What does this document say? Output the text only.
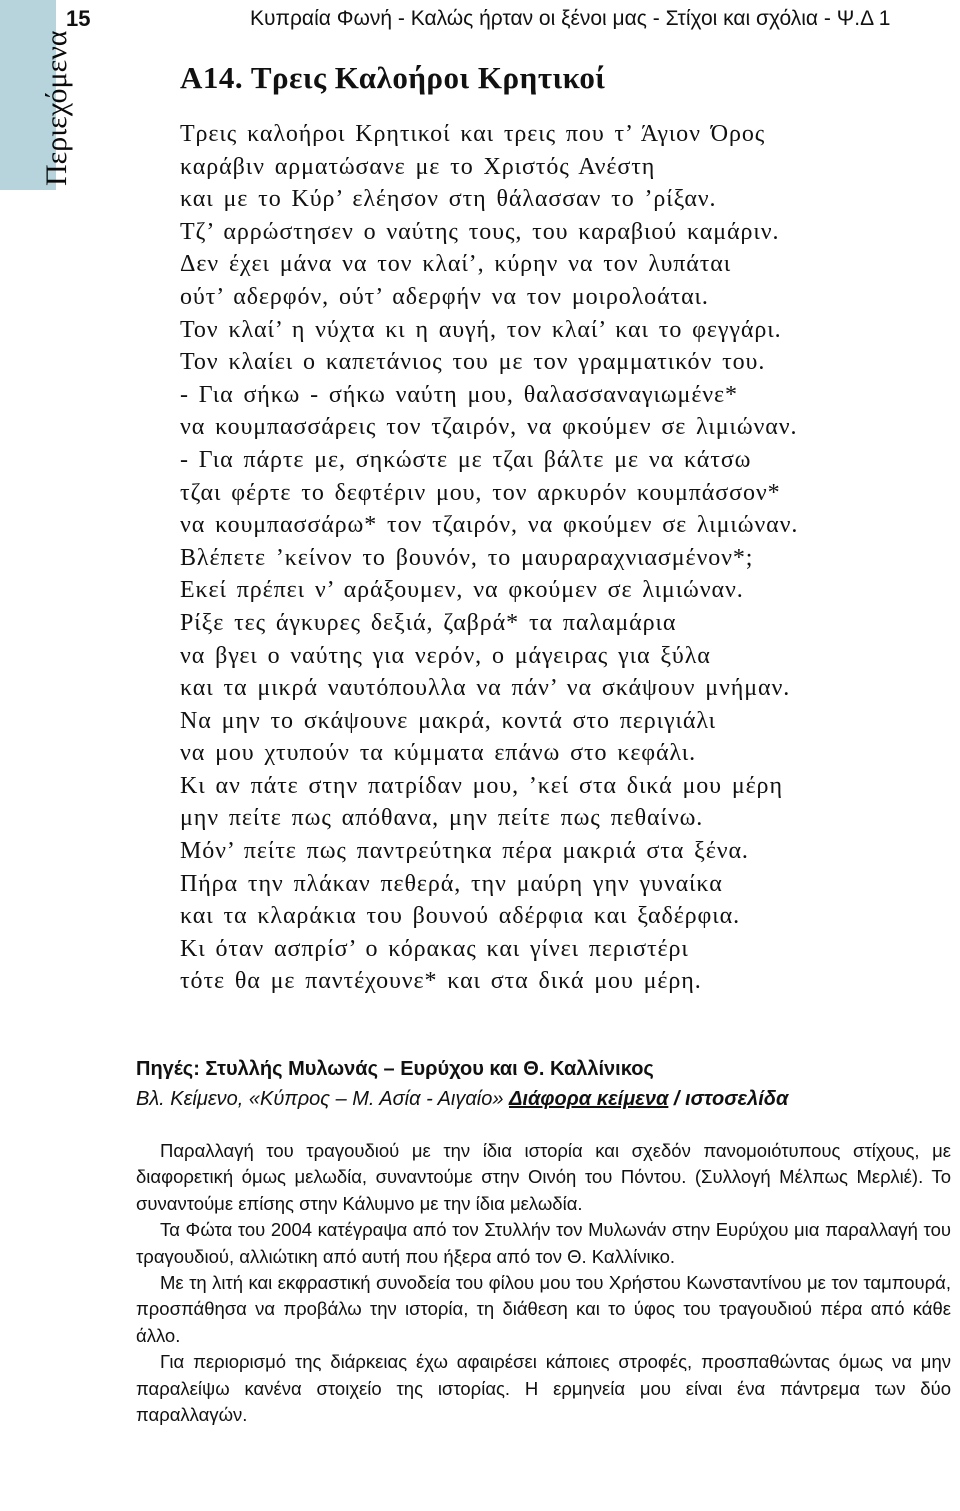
Περιεχόμενα
15	Κυπραία Φωνή - Καλώς ήρταν οι ξένοι μας - Στίχοι και σχόλια - Ψ.Δ 1
Α14. Τρεις Καλοήροι Κρητικοί
Τρεις καλοήροι Κρητικοί και τρεις που τ’ Άγιον Όρος
καράβιν αρματώσανε με το Χριστός Ανέστη
και με το Κύρ’ ελέησον στη θάλασσαν το ’ρίξαν.
Τζ’ αρρώστησεν ο ναύτης τους, του καραβιού καμάριν.
Δεν έχει μάνα να τον κλαί’, κύρην να τον λυπάται
ούτ’ αδερφόν, ούτ’ αδερφήν να τον μοιρολοάται.
Τον κλαί’ η νύχτα κι η αυγή, τον κλαί’ και το φεγγάρι.
Τον κλαίει ο καπετάνιος του με τον γραμματικόν του.
- Για σήκω - σήκω ναύτη μου, θαλασσαναγιωμένε*
να κουμπασσάρεις τον τζαιρόν, να φκούμεν σε λιμιώναν.
- Για πάρτε με, σηκώστε με τζαι βάλτε με να κάτσω
τζαι φέρτε το δεφτέριν μου, τον αρκυρόν κουμπάσσον*
να κουμπασσάρω* τον τζαιρόν, να φκούμεν σε λιμιώναν.
Βλέπετε ’κείνον το βουνόν, το μαυραραχνιασμένον*;
Εκεί πρέπει ν’ αράξουμεν, να φκούμεν σε λιμιώναν.
Ρίξε τες άγκυρες δεξιά, ζαβρά* τα παλαμάρια
να βγει ο ναύτης για νερόν, ο μάγειρας για ξύλα
και τα μικρά ναυτόπουλλα να πάν’ να σκάψουν μνήμαν.
Να μην το σκάψουνε μακρά, κοντά στο περιγιάλι
να μου χτυπούν τα κύμματα επάνω στο κεφάλι.
Κι αν πάτε στην πατρίδαν μου, ’κεί στα δικά μου μέρη
μην πείτε πως απόθανα, μην πείτε πως πεθαίνω.
Μόν’ πείτε πως παντρεύτηκα πέρα μακριά στα ξένα.
Πήρα την πλάκαν πεθερά, την μαύρη γην γυναίκα
και τα κλαράκια του βουνού αδέρφια και ξαδέρφια.
Κι όταν ασπρίσ’ ο κόρακας και γίνει περιστέρι
τότε θα με παντέχουνε* και στα δικά μου μέρη.
Πηγές: Στυλλής Μυλωνάς – Ευρύχου και Θ. Καλλίνικος
Βλ. Κείμενο, «Κύπρος – Μ. Ασία - Αιγαίο» Διάφορα κείμενα / ιστοσελίδα

Παραλλαγή του τραγουδιού με την ίδια ιστορία και σχεδόν πανομοιότυπους στίχους, με διαφορετική όμως μελωδία, συναντούμε στην Οινόη του Πόντου. (Συλλογή Μέλπως Μερλιέ). Το συναντούμε επίσης στην Κάλυμνο με την ίδια μελωδία.

Τα Φώτα του 2004 κατέγραψα από τον Στυλλήν τον Μυλωνάν στην Ευρύχου μια παραλλαγή του τραγουδιού, αλλιώτικη από αυτή που ήξερα από τον Θ. Καλλίνικο.

Με τη λιτή και εκφραστική συνοδεία του φίλου μου του Χρήστου Κωνσταντίνου με τον ταμπουρά, προσπάθησα να προβάλω την ιστορία, τη διάθεση και το ύφος του τραγουδιού πέρα από κάθε άλλο.

Για περιορισμό της διάρκειας έχω αφαιρέσει κάποιες στροφές, προσπαθώντας όμως να μην παραλείψω κανένα στοιχείο της ιστορίας. Η ερμηνεία μου είναι ένα πάντρεμα των δύο παραλλαγών.
